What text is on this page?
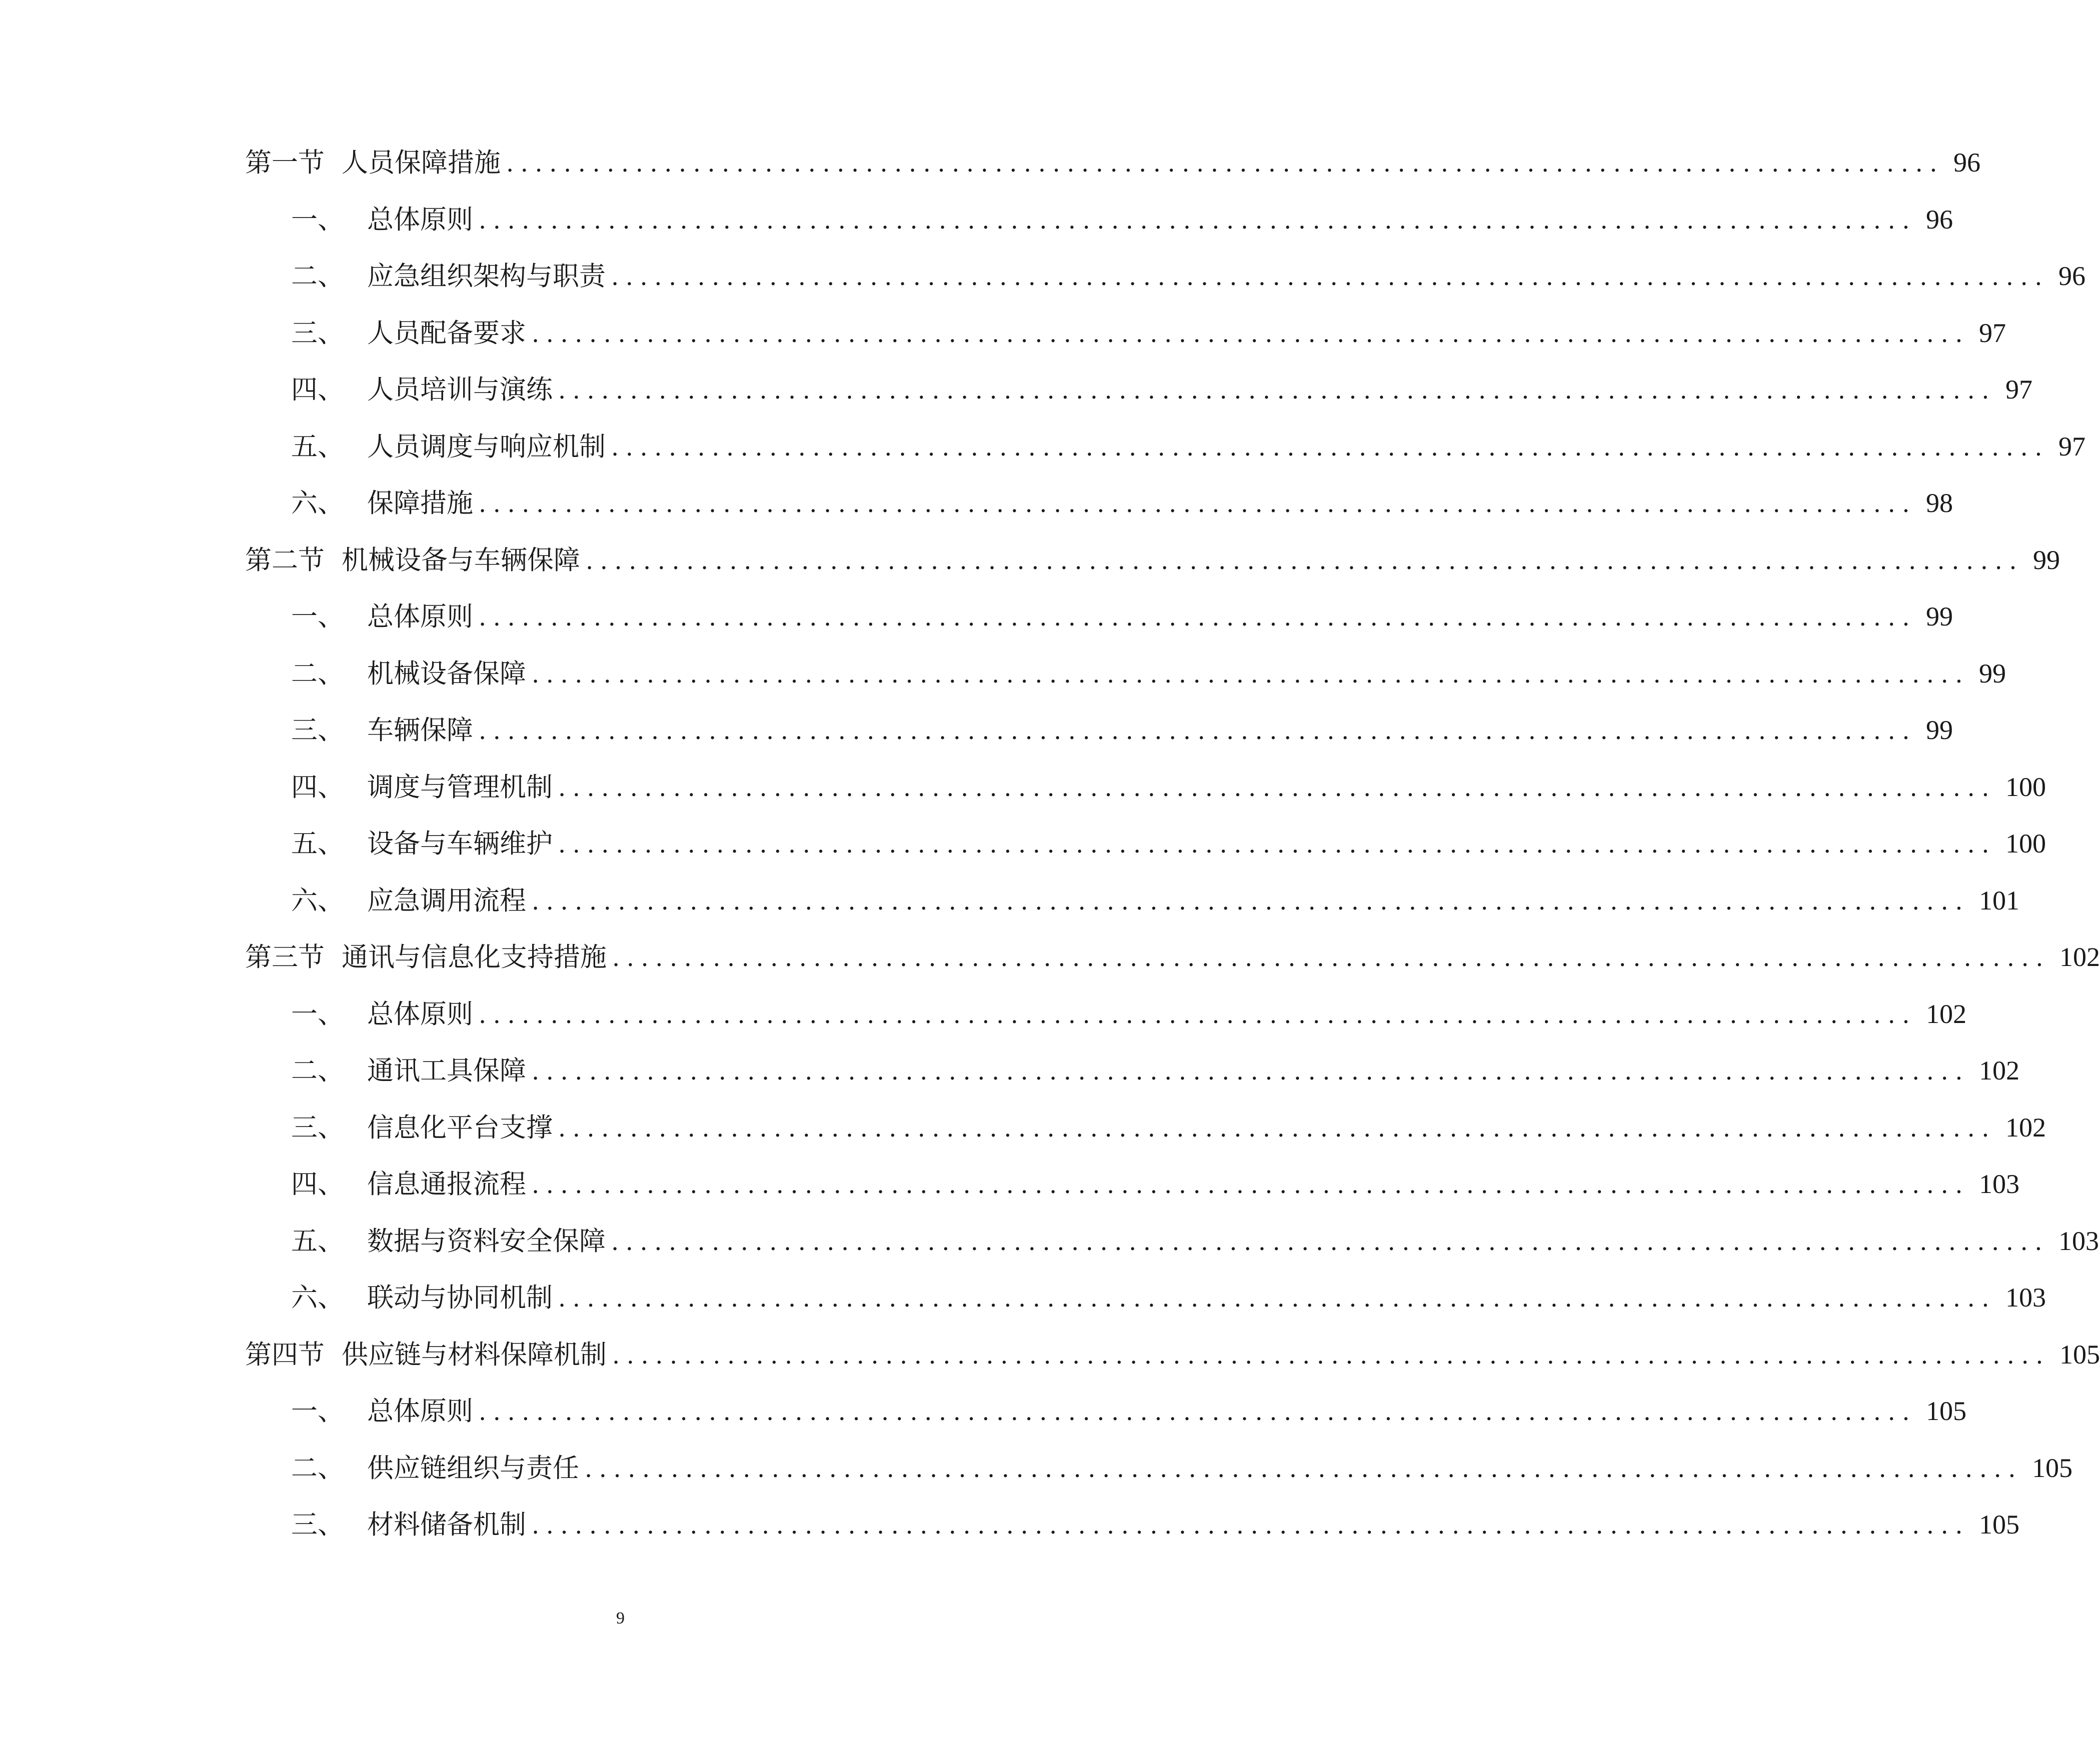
第一节 人员保障措施 .................................................................................................... 96
一、 总体原则 .................................................................................................... 96
二、 应急组织架构与职责 .................................................................................................... 96
三、 人员配备要求 .................................................................................................... 97
四、 人员培训与演练 .................................................................................................... 97
五、 人员调度与响应机制 .................................................................................................... 97
六、 保障措施 .................................................................................................... 98
第二节 机械设备与车辆保障 .................................................................................................... 99
一、 总体原则 .................................................................................................... 99
二、 机械设备保障 .................................................................................................... 99
三、 车辆保障 .................................................................................................... 99
四、 调度与管理机制 .................................................................................................... 100
五、 设备与车辆维护 .................................................................................................... 100
六、 应急调用流程 .................................................................................................... 101
第三节 通讯与信息化支持措施 .................................................................................................... 102
一、 总体原则 .................................................................................................... 102
二、 通讯工具保障 .................................................................................................... 102
三、 信息化平台支撑 .................................................................................................... 102
四、 信息通报流程 .................................................................................................... 103
五、 数据与资料安全保障 .................................................................................................... 103
六、 联动与协同机制 .................................................................................................... 103
第四节 供应链与材料保障机制 .................................................................................................... 105
一、 总体原则 .................................................................................................... 105
二、 供应链组织与责任 .................................................................................................... 105
三、 材料储备机制 .................................................................................................... 105
9
